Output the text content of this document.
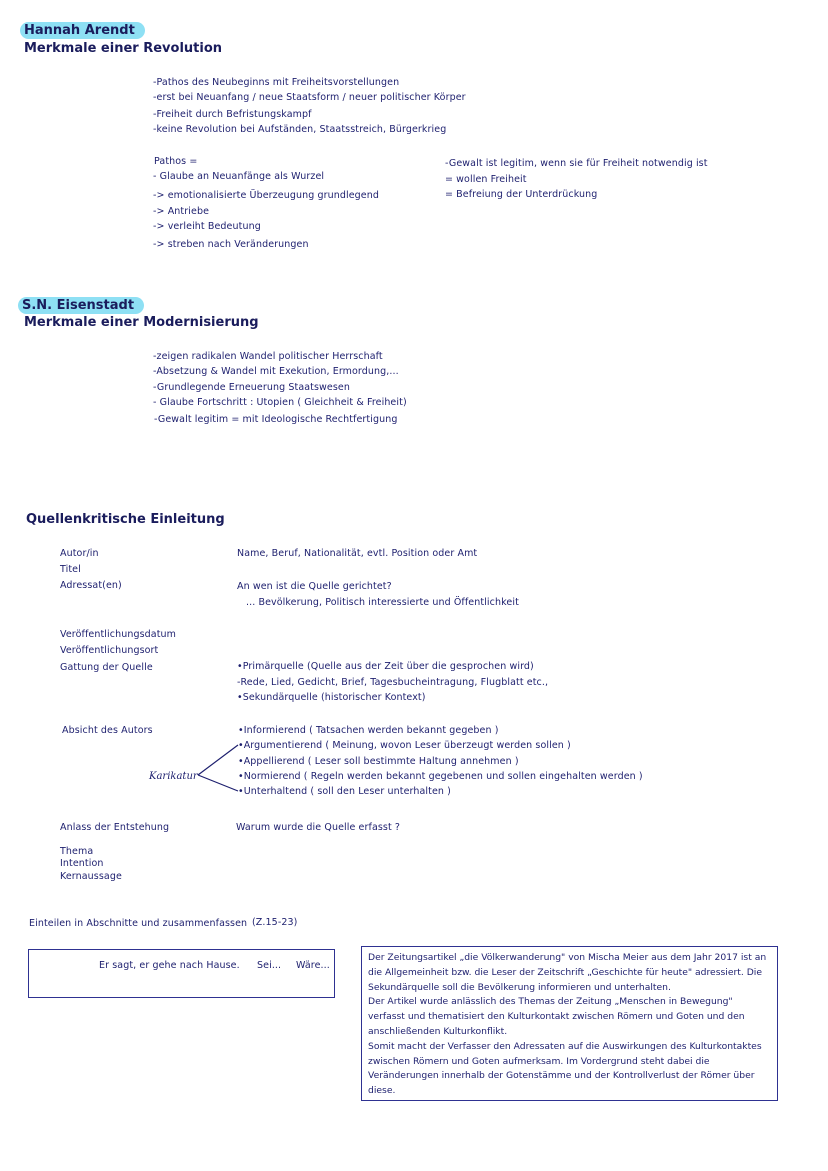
Hannah Arendt
Merkmale einer Revolution
-Pathos des Neubeginns mit Freiheitsvorstellungen
-erst bei Neuanfang / neue Staatsform / neuer politischer Körper
-Freiheit durch Befristungskampf
-keine Revolution bei Aufständen, Staatsstreich, Bürgerkrieg
Pathos =
- Glaube an Neuanfänge als Wurzel
-> emotionalisierte Überzeugung grundlegend
-> Antriebe
-> verleiht Bedeutung
-> streben nach Veränderungen
-Gewalt ist legitim, wenn sie für Freiheit notwendig ist
= wollen Freiheit
= Befreiung der Unterdrückung
S.N. Eisenstadt
Merkmale einer Modernisierung
-zeigen radikalen Wandel politischer Herrschaft
-Absetzung & Wandel mit Exekution, Ermordung,...
-Grundlegende Erneuerung Staatswesen
- Glaube Fortschritt : Utopien ( Gleichheit & Freiheit)
-Gewalt legitim = mit Ideologische Rechtfertigung
Quellenkritische Einleitung
Autor/in	Name, Beruf, Nationalität, evtl. Position oder Amt
Titel
Adressat(en)	An wen ist die Quelle gerichtet?
... Bevölkerung, Politisch interessierte und Öffentlichkeit
Veröffentlichungsdatum
Veröffentlichungsort
Gattung der Quelle	•Primärquelle (Quelle aus der Zeit über die gesprochen wird)
-Rede, Lied, Gedicht, Brief, Tagesbucheintragung, Flugblatt etc.,
•Sekundärquelle (historischer Kontext)
Absicht des Autors	•Informierend ( Tatsachen werden bekannt gegeben )
•Argumentierend ( Meinung, wovon Leser überzeugt werden sollen )
•Appellierend ( Leser soll bestimmte Haltung annehmen )
•Normierend ( Regeln werden bekannt gegebenen und sollen eingehalten werden )
•Unterhaltend ( soll den Leser unterhalten )
Karikatur
Anlass der Entstehung	Warum wurde die Quelle erfasst ?
Thema
Intention
Kernaussage
Einteilen in Abschnitte und zusammenfassen (Z.15-23)
Er sagt, er gehe nach Hause. Sei... Wäre...

Der Zeitungsartikel „die Völkerwanderung" von Mischa Meier aus dem Jahr 2017 ist an die Allgemeinheit bzw. die Leser der Zeitschrift „Geschichte für heute" adressiert. Die Sekundärquelle soll die Bevölkerung informieren und unterhalten.

Der Artikel wurde anlässlich des Themas der Zeitung „Menschen in Bewegung" verfasst und thematisiert den Kulturkontakt zwischen Römern und Goten und den anschließenden Kulturkonflikt.

Somit macht der Verfasser den Adressaten auf die Auswirkungen des Kulturkontaktes zwischen Römern und Goten aufmerksam. Im Vordergrund steht dabei die Veränderungen innerhalb der Gotenstämme und der Kontrollverlust der Römer über diese.
